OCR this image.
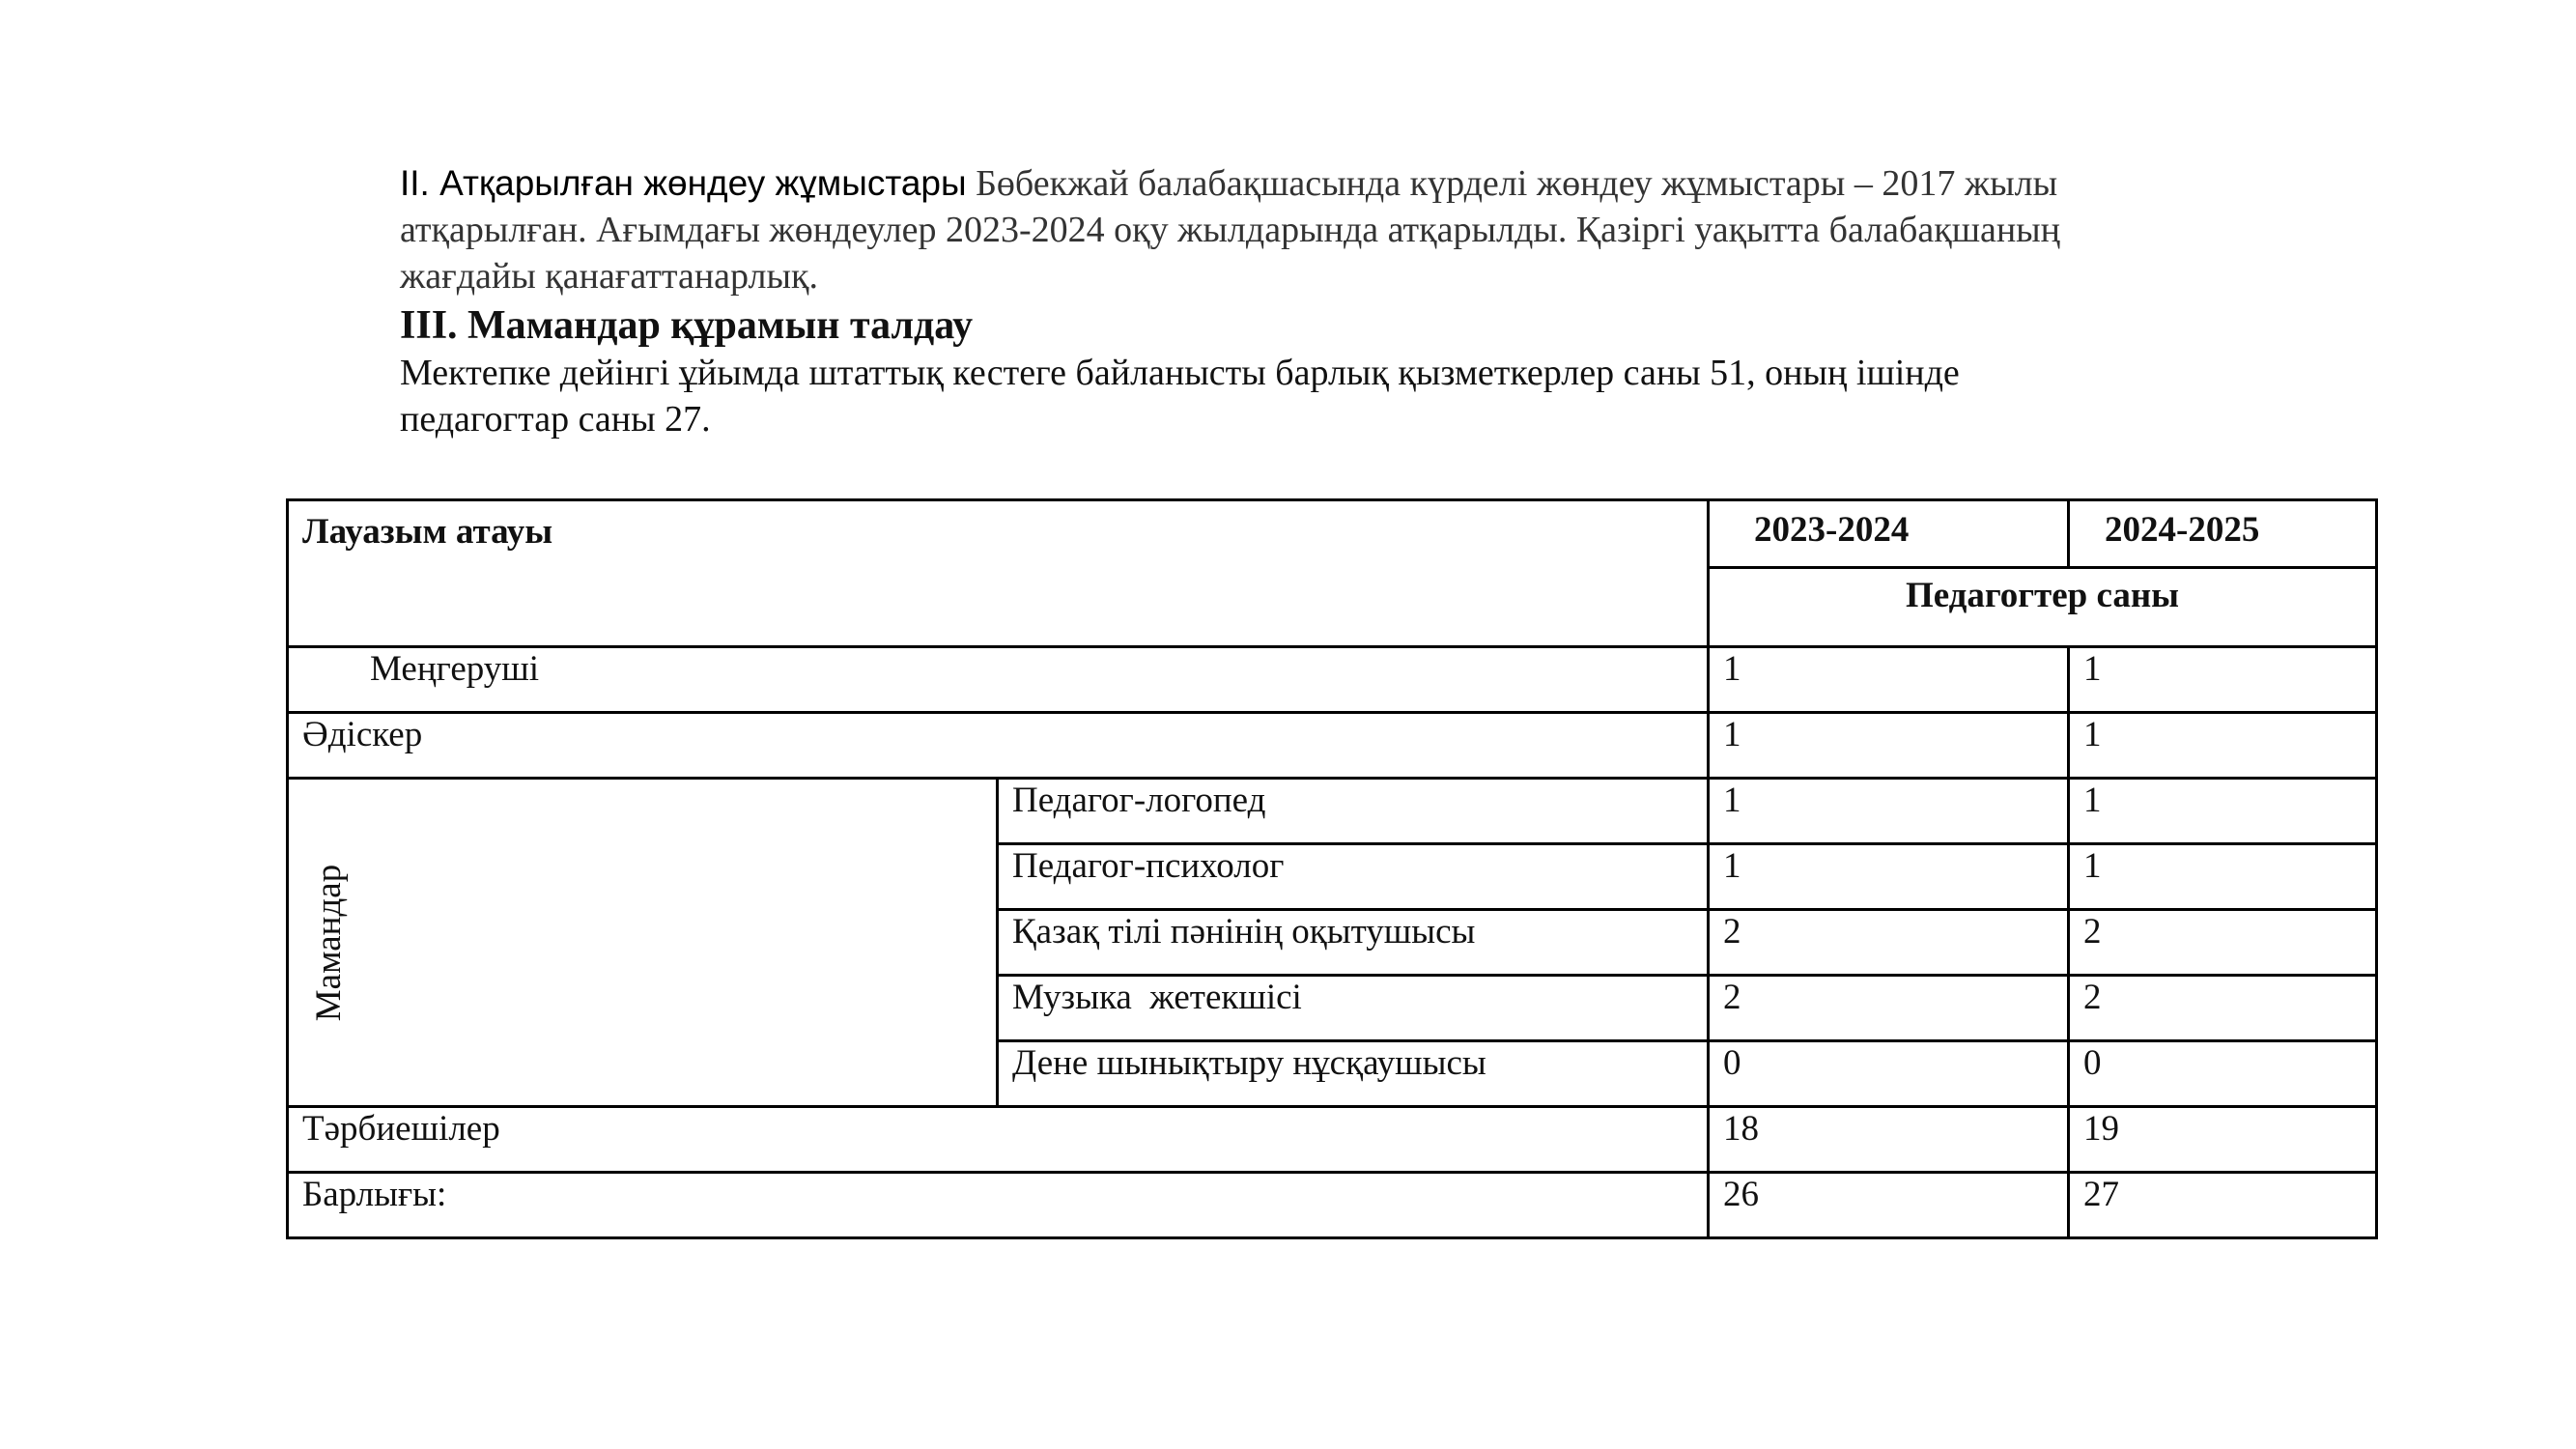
II. Атқарылған жөндеу жұмыстары Бөбекжай балабақшасында күрделі жөндеу жұмыстары – 2017 жылы атқарылған. Ағымдағы жөндеулер 2023-2024 оқу жылдарында атқарылды. Қазіргі уақытта балабақшаның жағдайы қанағаттанарлық.

III. Мамандар құрамын талдау

Мектепке дейінгі ұйымда штаттық кестеге байланысты барлық қызметкерлер саны 51, оның ішінде педагогтар саны 27.

Лауазым атауы		2023-2024	2024-2025
		Педагогтер саны	
Меңгеруші		1	1
Әдіскер		1	1

Мамандар	Педагог-логопед	1	1
	Педагог-психолог	1	1
	Қазақ тілі пәнінің оқытушысы	2	2
	Музыка  жетекшісі	2	2
	Дене шынықтыру нұсқаушысы	0	0
Тәрбиешілер		18	19
Барлығы:		26	27
